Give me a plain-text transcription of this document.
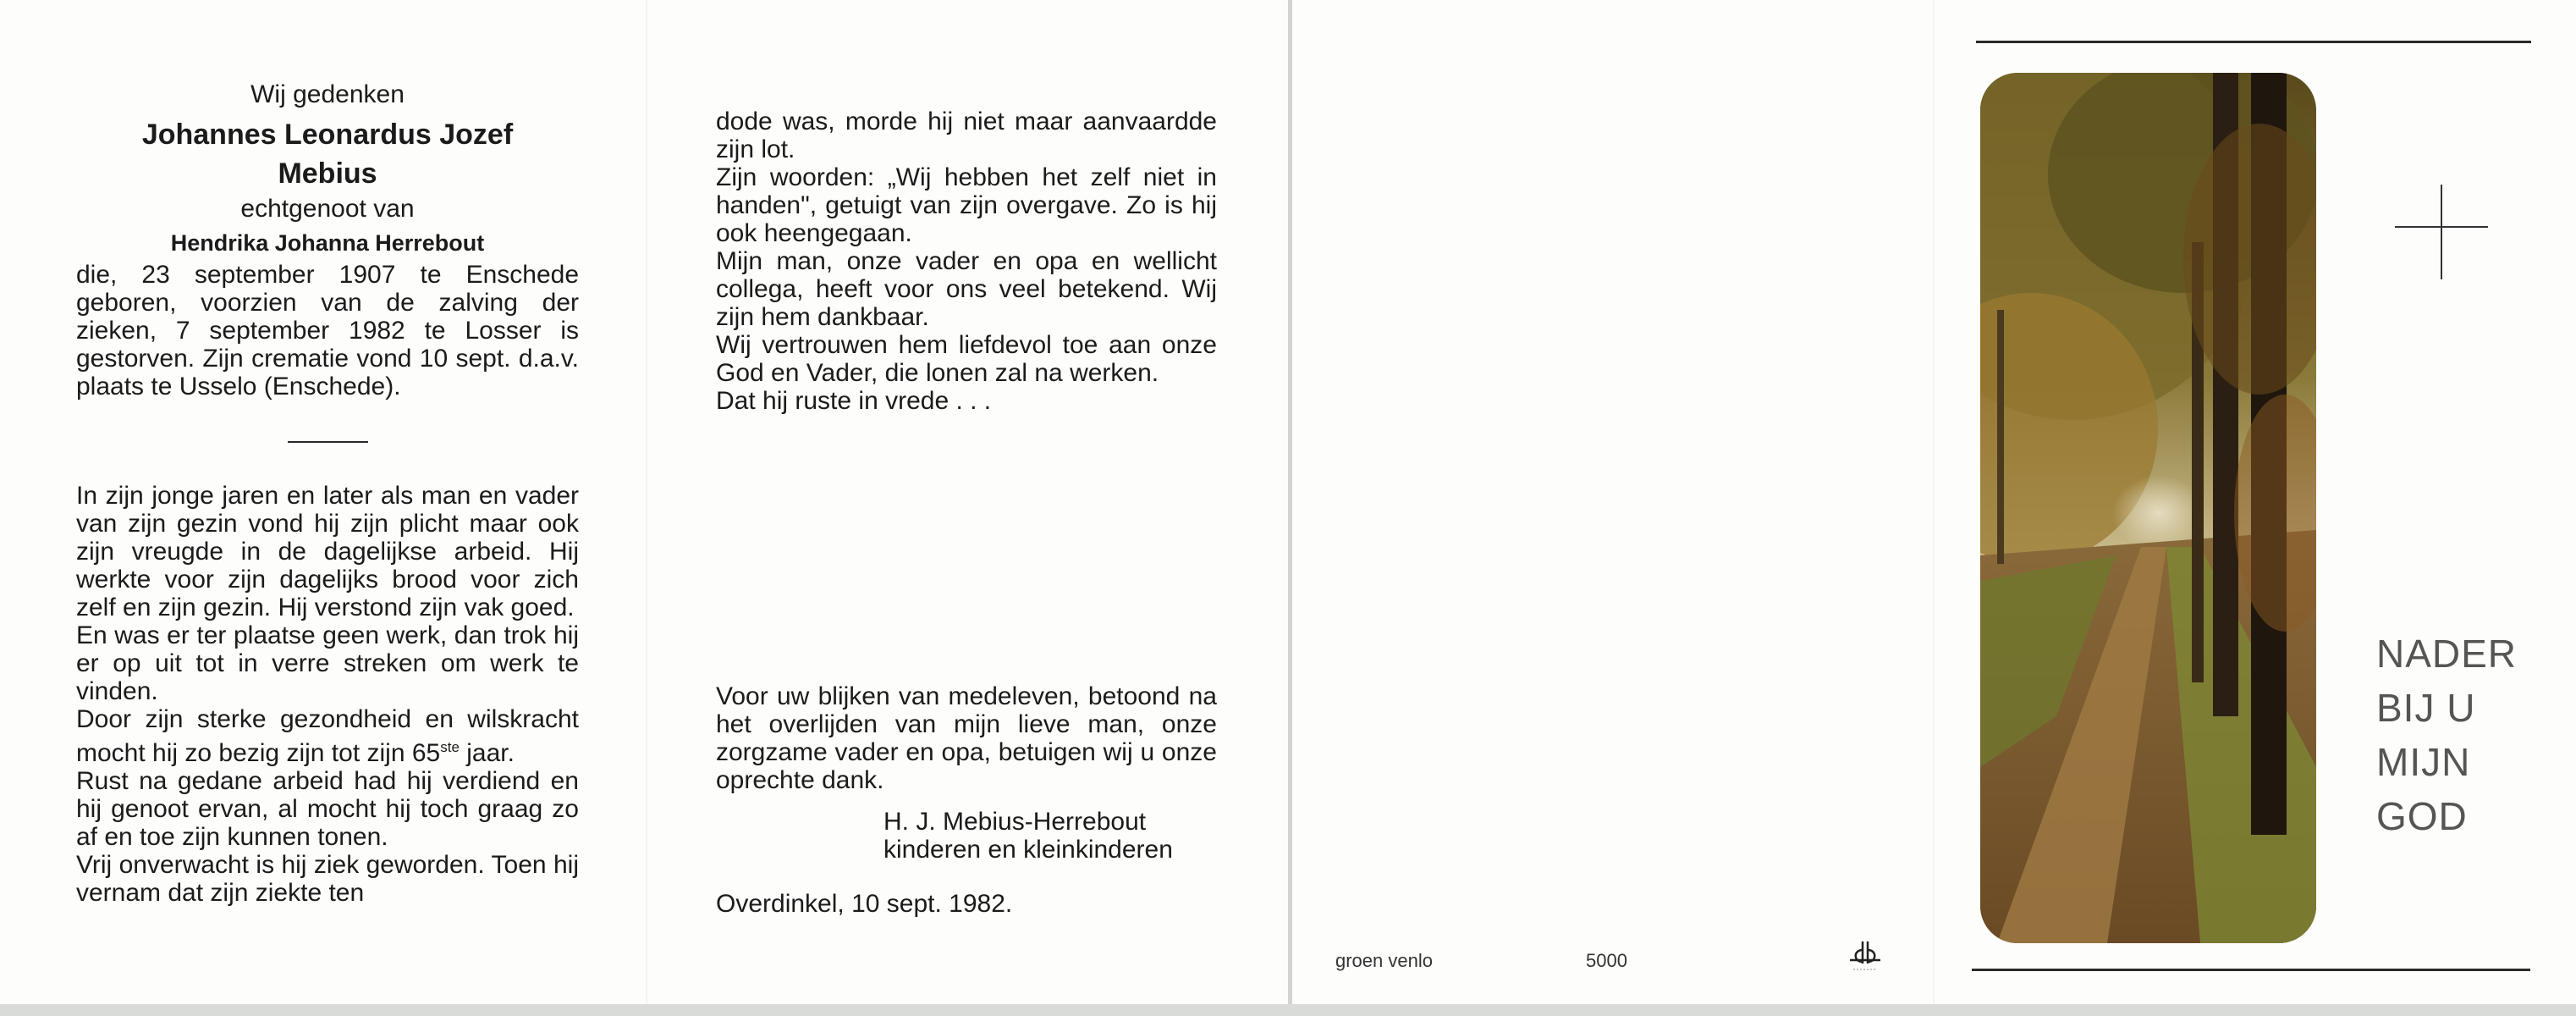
Wij gedenken

Johannes Leonardus Jozef
Mebius

echtgenoot van

Hendrika Johanna Herrebout

die, 23 september 1907 te Enschede geboren, voorzien van de zalving der zieken, 7 september 1982 te Losser is gestorven. Zijn crematie vond 10 sept. d.a.v. plaats te Usselo (Enschede).

In zijn jonge jaren en later als man en vader van zijn gezin vond hij zijn plicht maar ook zijn vreugde in de dagelijkse arbeid. Hij werkte voor zijn dagelijks brood voor zich zelf en zijn gezin. Hij verstond zijn vak goed.

En was er ter plaatse geen werk, dan trok hij er op uit tot in verre streken om werk te vinden.

Door zijn sterke gezondheid en wilskracht mocht hij zo bezig zijn tot zijn 65ste jaar.

Rust na gedane arbeid had hij verdiend en hij genoot ervan, al mocht hij toch graag zo af en toe zijn kunnen tonen.

Vrij onverwacht is hij ziek geworden. Toen hij vernam dat zijn ziekte ten

dode was, morde hij niet maar aanvaardde zijn lot.

Zijn woorden: „Wij hebben het zelf niet in handen", getuigt van zijn overgave. Zo is hij ook heengegaan.

Mijn man, onze vader en opa en wellicht collega, heeft voor ons veel betekend. Wij zijn hem dankbaar.

Wij vertrouwen hem liefdevol toe aan onze God en Vader, die lonen zal na werken.

Dat hij ruste in vrede . . .

Voor uw blijken van medeleven, betoond na het overlijden van mijn lieve man, onze zorgzame vader en opa, betuigen wij u onze oprechte dank.

H. J. Mebius-Herrebout

kinderen en kleinkinderen

Overdinkel, 10 sept. 1982.

groen venlo	5000
NADER
BIJ U
MIJN
GOD
